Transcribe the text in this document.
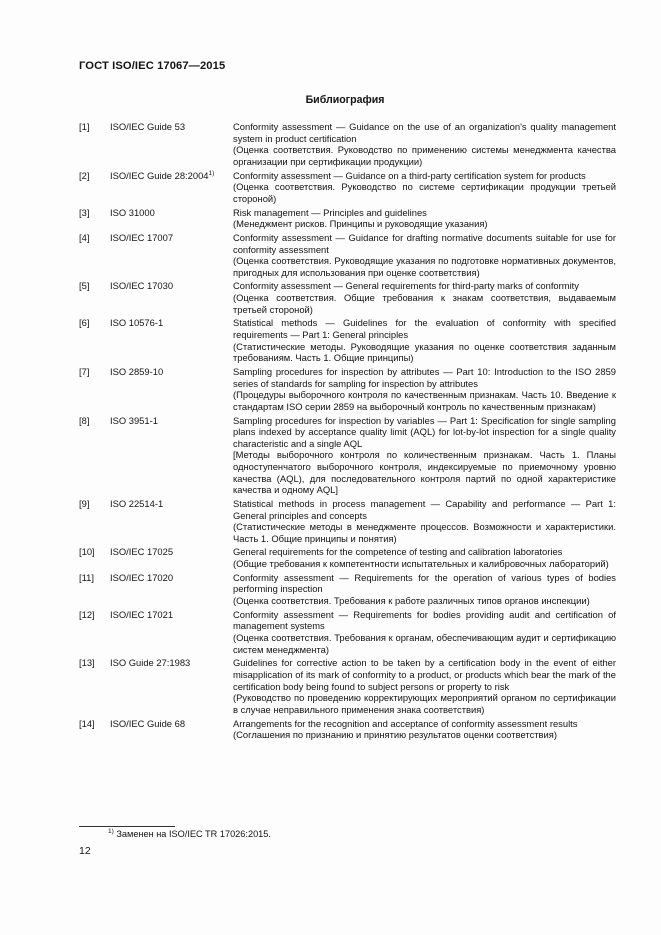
ГОСТ ISO/IEC 17067—2015
Библиография
[1]	ISO/IEC Guide 53	Conformity assessment — Guidance on the use of an organization's quality management system in product certification

(Оценка соответствия. Руководство по применению системы менеджмента качества организации при сертификации продукции)

[2]	ISO/IEC Guide 28:2004$^{1)}$	Conformity assessment — Guidance on a third-party certification system for products

(Оценка соответствия. Руководство по системе сертификации продукции третьей стороной)

[3]	ISO 31000	Risk management — Principles and guidelines

(Менеджмент рисков. Принципы и руководящие указания)

[4]	ISO/IEC 17007	Conformity assessment — Guidance for drafting normative documents suitable for use for conformity assessment

(Оценка соответствия. Руководящие указания по подготовке нормативных документов, пригодных для использования при оценке соответствия)

[5]	ISO/IEC 17030	Conformity assessment — General requirements for third-party marks of conformity

(Оценка соответствия. Общие требования к знакам соответствия, выдаваемым третьей стороной)

[6]	ISO 10576-1	Statistical methods — Guidelines for the evaluation of conformity with specified requirements — Part 1: General principles

(Статистические методы. Руководящие указания по оценке соответствия заданным требованиям. Часть 1. Общие принципы)

[7]	ISO 2859-10	Sampling procedures for inspection by attributes — Part 10: Introduction to the ISO 2859 series of standards for sampling for inspection by attributes

(Процедуры выборочного контроля по качественным признакам. Часть 10. Введение к стандартам ISO серии 2859 на выборочный контроль по качественным признакам)

[8]	ISO 3951-1	Sampling procedures for inspection by variables — Part 1: Specification for single sampling plans indexed by acceptance quality limit (AQL) for lot-by-lot inspection for a single quality characteristic and a single AQL

[Методы выборочного контроля по количественным признакам. Часть 1. Планы одноступенчатого выборочного контроля, индексируемые по приемочному уровню качества (AQL), для последовательного контроля партий по одной характеристике качества и одному AQL]

[9]	ISO 22514-1	Statistical methods in process management — Capability and performance — Part 1: General principles and concepts

(Статистические методы в менеджменте процессов. Возможности и характеристики. Часть 1. Общие принципы и понятия)

[10]	ISO/IEC 17025	General requirements for the competence of testing and calibration laboratories

(Общие требования к компетентности испытательных и калибровочных лабораторий)

[11]	ISO/IEC 17020	Conformity assessment — Requirements for the operation of various types of bodies performing inspection

(Оценка соответствия. Требования к работе различных типов органов инспекции)

[12]	ISO/IEC 17021	Conformity assessment — Requirements for bodies providing audit and certification of management systems

(Оценка соответствия. Требования к органам, обеспечивающим аудит и сертификацию систем менеджмента)

[13]	ISO Guide 27:1983	Guidelines for corrective action to be taken by a certification body in the event of either misapplication of its mark of conformity to a product, or products which bear the mark of the certification body being found to subject persons or property to risk

(Руководство по проведению корректирующих мероприятий органом по сертификации в случае неправильного применения знака соответствия)

[14]	ISO/IEC Guide 68	Arrangements for the recognition and acceptance of conformity assessment results

(Соглашения по признанию и принятию результатов оценки соответствия)

$^{1)}$ Заменен на ISO/IEC TR 17026:2015.
12
